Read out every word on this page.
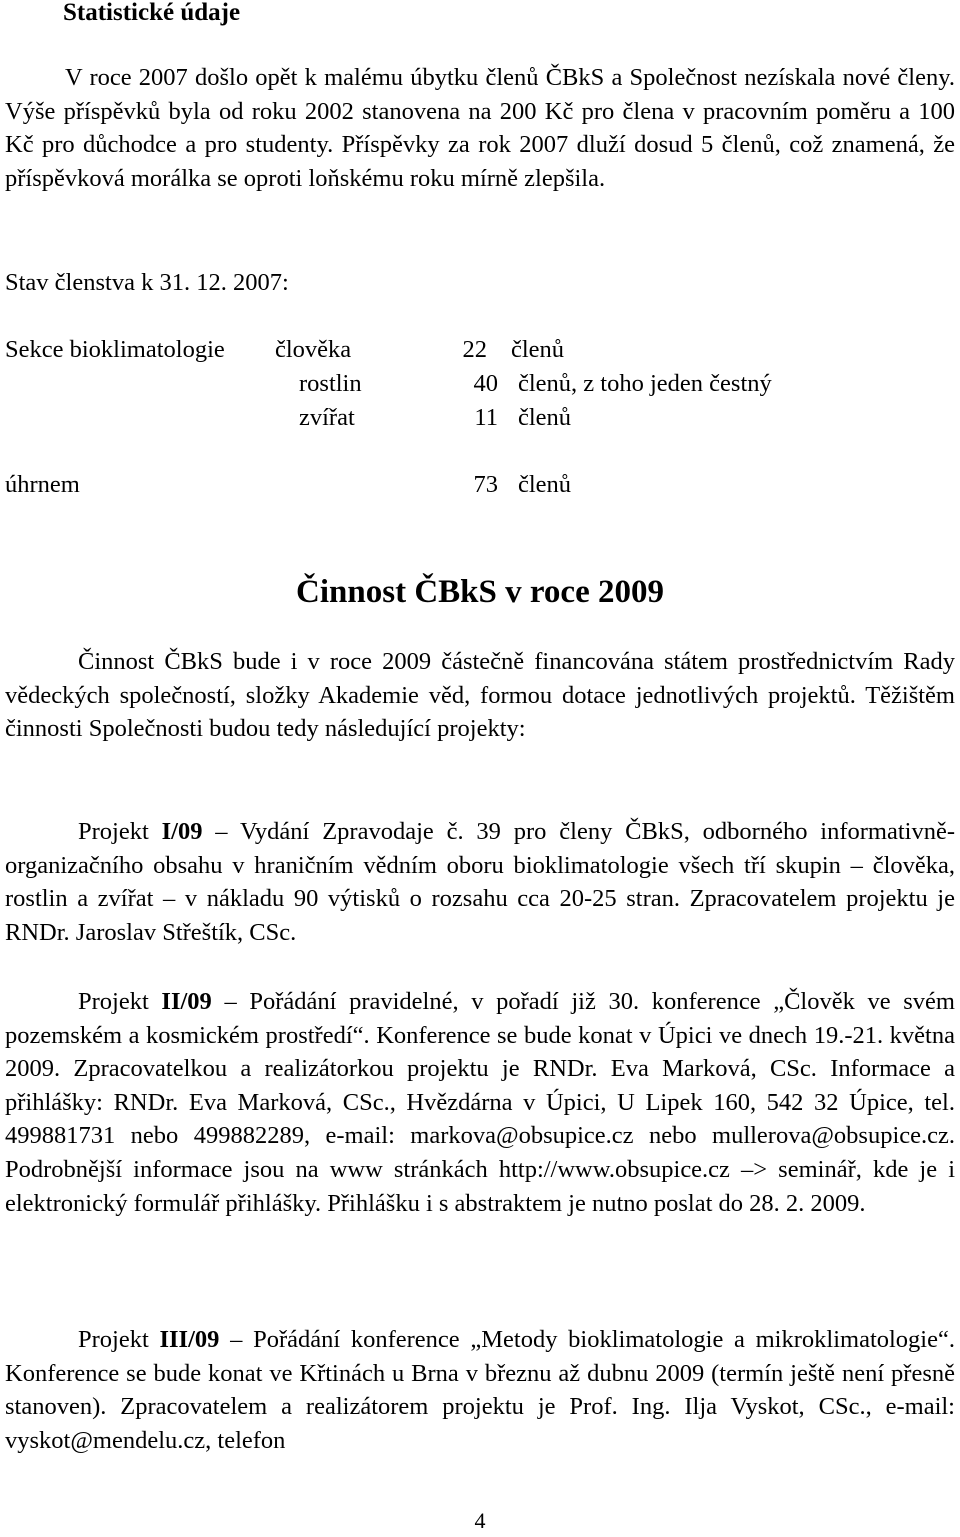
Statistické údaje
V roce 2007 došlo opět k malému úbytku členů ČBkS a Společnost nezískala nové členy. Výše příspěvků byla od roku 2002 stanovena na 200 Kč pro člena v pracovním poměru a 100 Kč pro důchodce a pro studenty. Příspěvky za rok 2007 dluží dosud 5 členů, což znamená, že příspěvková morálka se oproti loňskému roku mírně zlepšila.
Stav členstva k 31. 12. 2007:
Sekce bioklimatologie člověka	22 členů
rostlin	40 členů, z toho jeden čestný
zvířat	11 členů
úhrnem	73 členů
Činnost ČBkS v roce 2009
Činnost ČBkS bude i v roce 2009 částečně financována státem prostřednictvím Rady vědeckých společností, složky Akademie věd, formou dotace jednotlivých projektů. Těžištěm činnosti Společnosti budou tedy následující projekty:
Projekt I/09 – Vydání Zpravodaje č. 39 pro členy ČBkS, odborného informativně-organizačního obsahu v hraničním vědním oboru bioklimatologie všech tří skupin – člověka, rostlin a zvířat – v nákladu 90 výtisků o rozsahu cca 20-25 stran. Zpracovatelem projektu je RNDr. Jaroslav Střeštík, CSc.
Projekt II/09 – Pořádání pravidelné, v pořadí již 30. konference „Člověk ve svém pozemském a kosmickém prostředí“. Konference se bude konat v Úpici ve dnech 19.-21. května 2009. Zpracovatelkou a realizátorkou projektu je RNDr. Eva Marková, CSc. Informace a přihlášky: RNDr. Eva Marková, CSc., Hvězdárna v Úpici, U Lipek 160, 542 32 Úpice, tel. 499881731 nebo 499882289, e-mail: markova@obsupice.cz nebo mullerova@obsupice.cz. Podrobnější informace jsou na www stránkách http://www.obsupice.cz –> seminář, kde je i elektronický formulář přihlášky. Přihlášku i s abstraktem je nutno poslat do 28. 2. 2009.
Projekt III/09 – Pořádání konference „Metody bioklimatologie a mikroklimatologie“. Konference se bude konat ve Křtinách u Brna v březnu až dubnu 2009 (termín ještě není přesně stanoven). Zpracovatelem a realizátorem projektu je Prof. Ing. Ilja Vyskot, CSc., e-mail: vyskot@mendelu.cz, telefon
4
